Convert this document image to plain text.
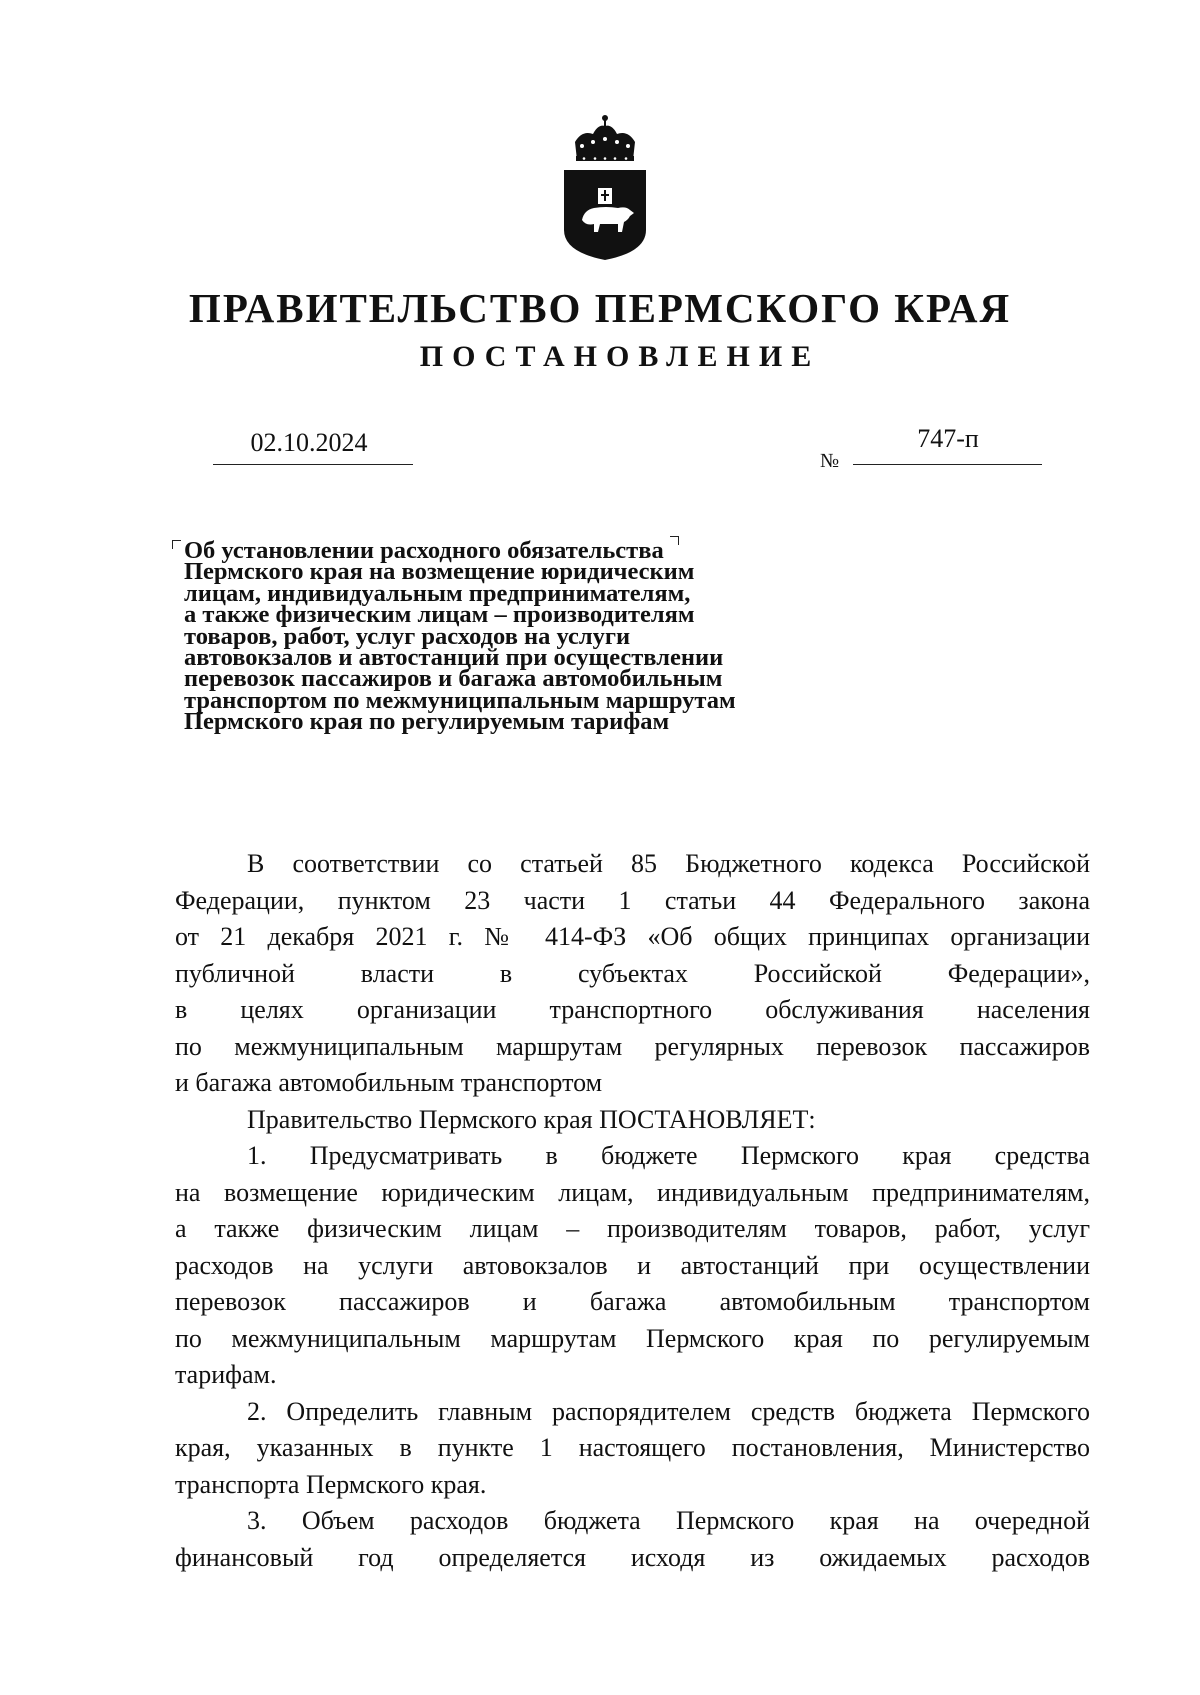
ПРАВИТЕЛЬСТВО ПЕРМСКОГО КРАЯ
ПОСТАНОВЛЕНИЕ
02.10.2024
№
747-п
Об установлении расходного обязательства
Пермского края на возмещение юридическим
лицам, индивидуальным предпринимателям,
а также физическим лицам – производителям
товаров, работ, услуг расходов на услуги
автовокзалов и автостанций при осуществлении
перевозок пассажиров и багажа автомобильным
транспортом по межмуниципальным маршрутам
Пермского края по регулируемым тарифам
В соответствии со статьей 85 Бюджетного кодекса Российской
Федерации, пунктом 23 части 1 статьи 44 Федерального закона
от 21 декабря 2021 г. № 414-ФЗ «Об общих принципах организации
публичной власти в субъектах Российской Федерации»,
в целях организации транспортного обслуживания населения
по межмуниципальным маршрутам регулярных перевозок пассажиров
и багажа автомобильным транспортом
Правительство Пермского края ПОСТАНОВЛЯЕТ:
1. Предусматривать в бюджете Пермского края средства
на возмещение юридическим лицам, индивидуальным предпринимателям,
а также физическим лицам – производителям товаров, работ, услуг
расходов на услуги автовокзалов и автостанций при осуществлении
перевозок пассажиров и багажа автомобильным транспортом
по межмуниципальным маршрутам Пермского края по регулируемым
тарифам.
2. Определить главным распорядителем средств бюджета Пермского
края, указанных в пункте 1 настоящего постановления, Министерство
транспорта Пермского края.
3. Объем расходов бюджета Пермского края на очередной
финансовый год определяется исходя из ожидаемых расходов
